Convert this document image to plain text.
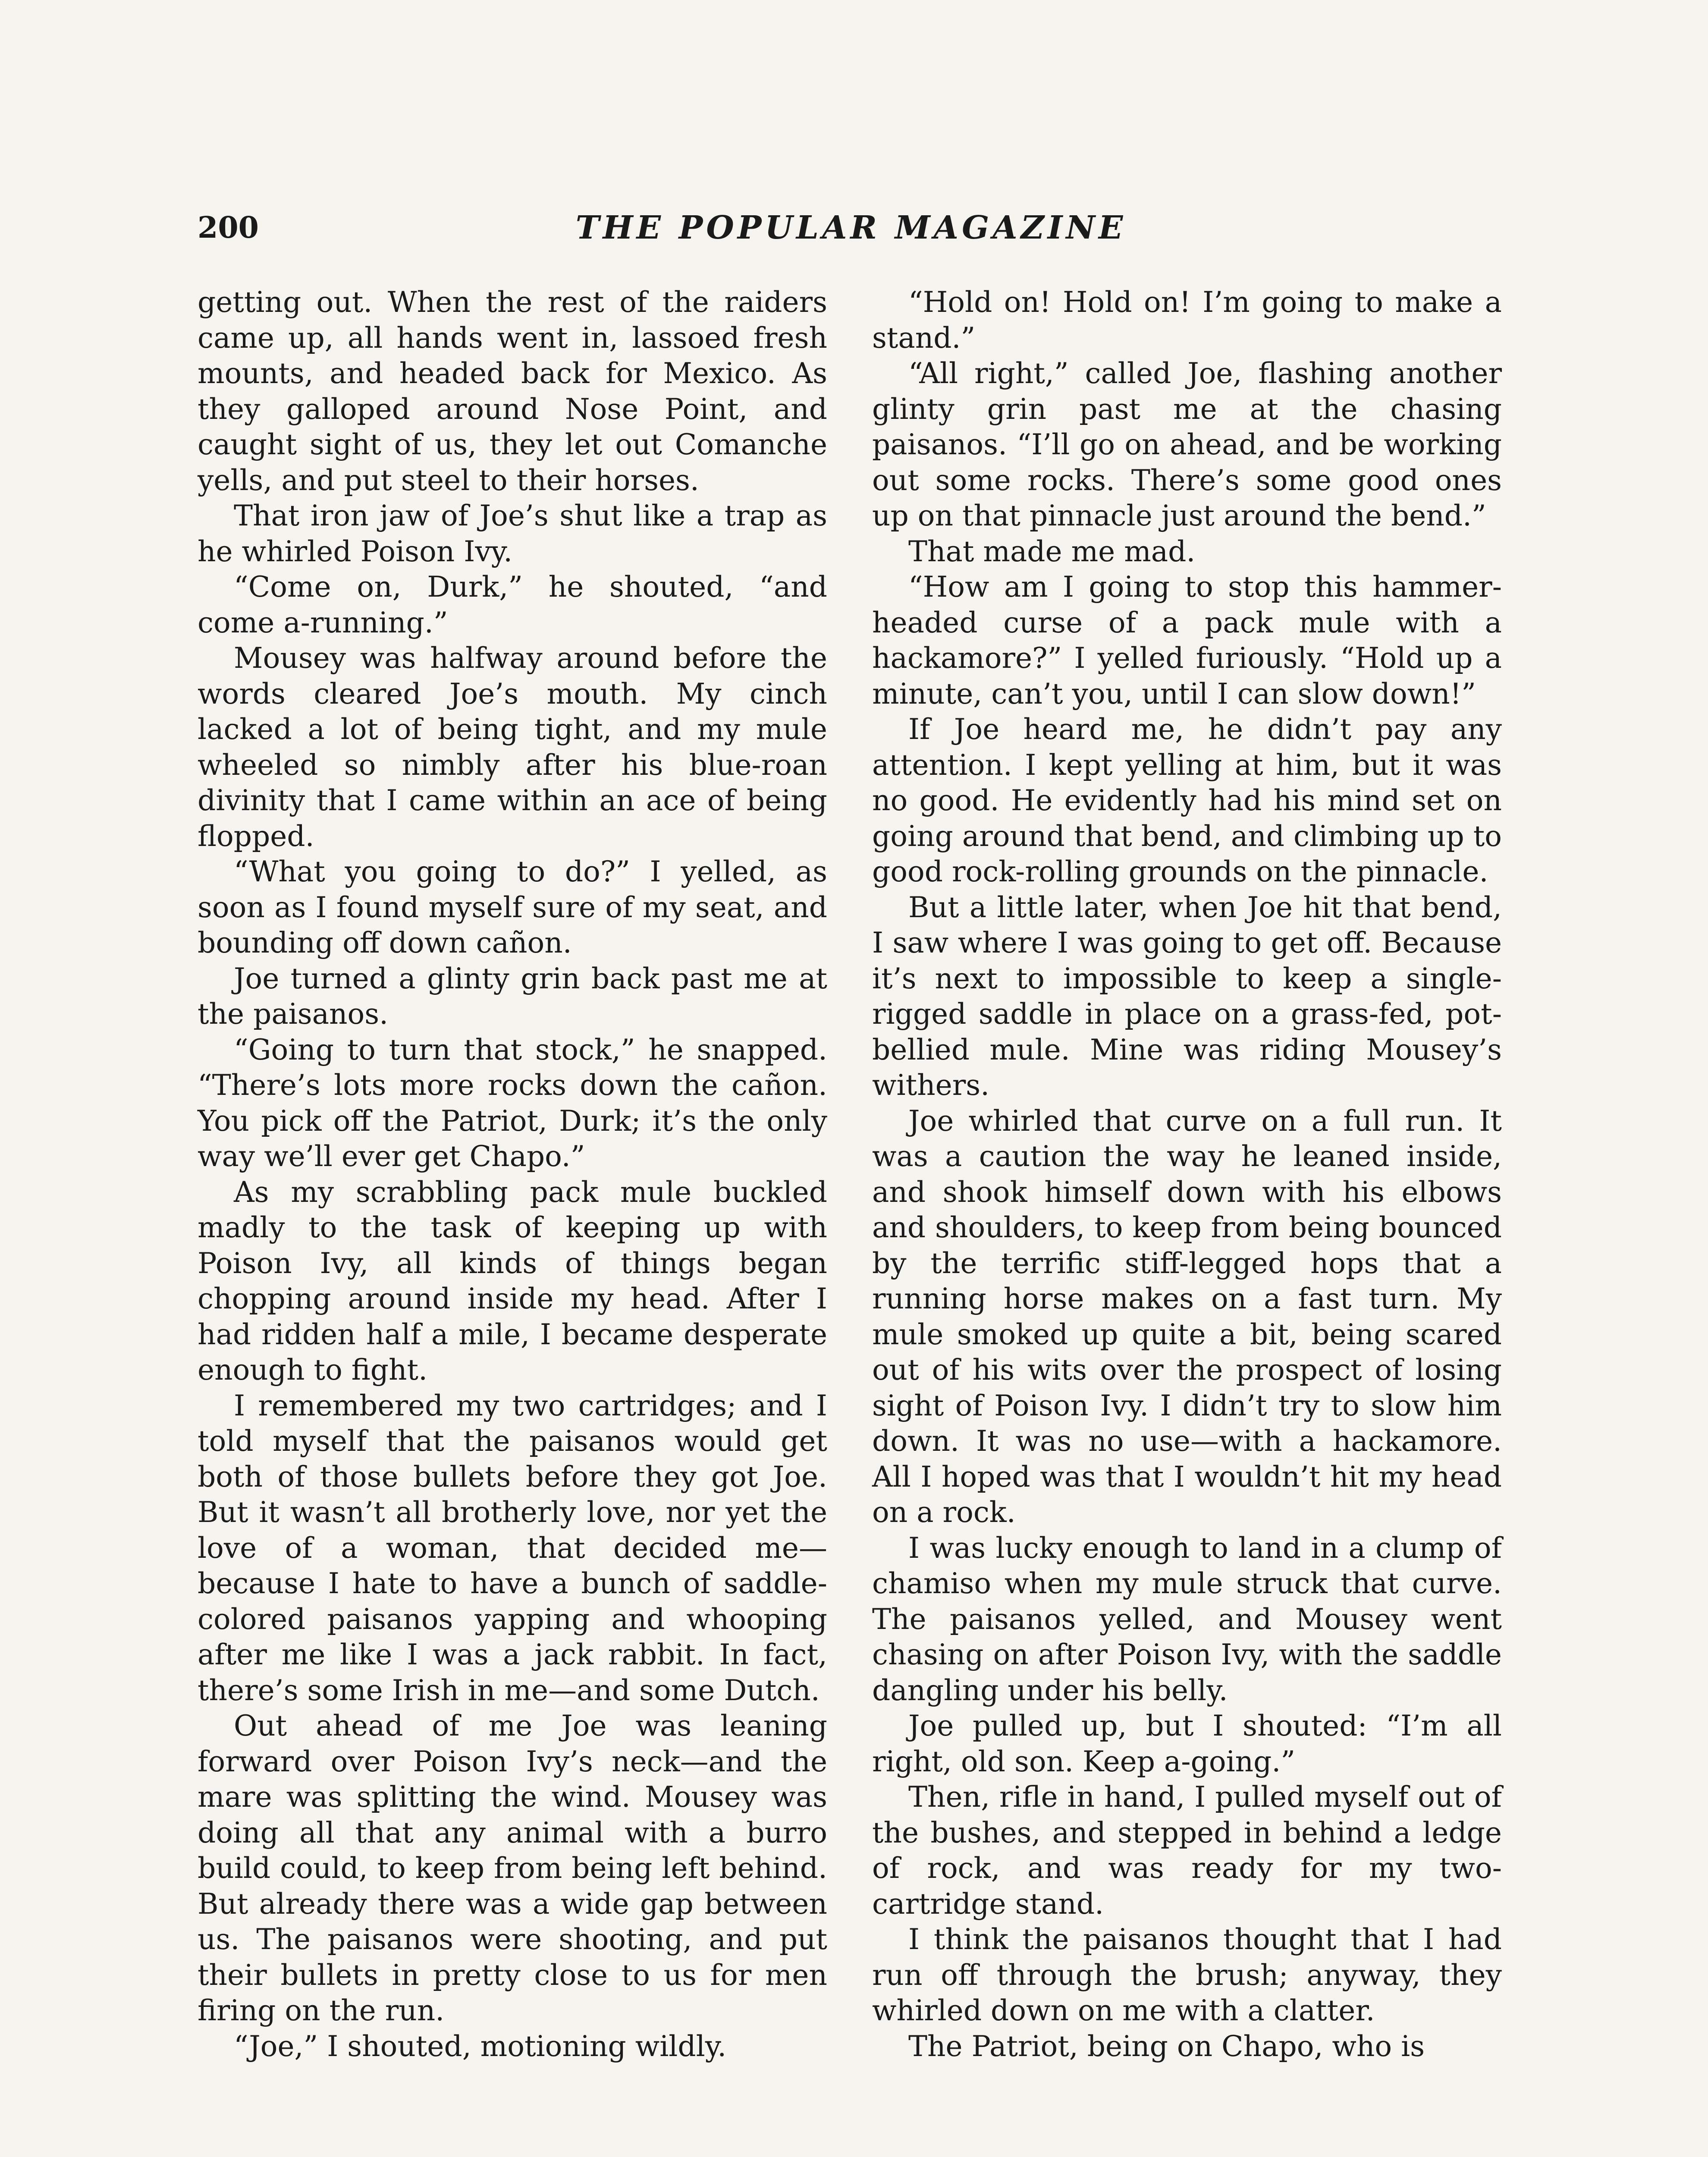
200	THE POPULAR MAGAZINE

getting out. When the rest of the raiders came up, all hands went in, lassoed fresh mounts, and headed back for Mexico. As they galloped around Nose Point, and caught sight of us, they let out Comanche yells, and put steel to their horses.

That iron jaw of Joe’s shut like a trap as he whirled Poison Ivy.

“Come on, Durk,” he shouted, “and come a-running.”

Mousey was halfway around before the words cleared Joe’s mouth. My cinch lacked a lot of being tight, and my mule wheeled so nimbly after his blue-roan divinity that I came within an ace of being flopped.

“What you going to do?” I yelled, as soon as I found myself sure of my seat, and bounding off down cañon.

Joe turned a glinty grin back past me at the paisanos.

“Going to turn that stock,” he snapped. “There’s lots more rocks down the cañon. You pick off the Patriot, Durk; it’s the only way we’ll ever get Chapo.”

As my scrabbling pack mule buckled madly to the task of keeping up with Poison Ivy, all kinds of things began chopping around inside my head. After I had ridden half a mile, I became desperate enough to fight.

I remembered my two cartridges; and I told myself that the paisanos would get both of those bullets before they got Joe. But it wasn’t all brotherly love, nor yet the love of a woman, that decided me—because I hate to have a bunch of saddle-colored paisanos yapping and whooping after me like I was a jack rabbit. In fact, there’s some Irish in me—and some Dutch.

Out ahead of me Joe was leaning forward over Poison Ivy’s neck—and the mare was splitting the wind. Mousey was doing all that any animal with a burro build could, to keep from being left behind. But already there was a wide gap between us. The paisanos were shooting, and put their bullets in pretty close to us for men firing on the run.

“Joe,” I shouted, motioning wildly.

“Hold on! Hold on! I’m going to make a stand.”

“All right,” called Joe, flashing another glinty grin past me at the chasing paisanos. “I’ll go on ahead, and be working out some rocks. There’s some good ones up on that pinnacle just around the bend.”

That made me mad.

“How am I going to stop this hammer-headed curse of a pack mule with a hackamore?” I yelled furiously. “Hold up a minute, can’t you, until I can slow down!”

If Joe heard me, he didn’t pay any attention. I kept yelling at him, but it was no good. He evidently had his mind set on going around that bend, and climbing up to good rock-rolling grounds on the pinnacle.

But a little later, when Joe hit that bend, I saw where I was going to get off. Because it’s next to impossible to keep a single-rigged saddle in place on a grass-fed, pot-bellied mule. Mine was riding Mousey’s withers.

Joe whirled that curve on a full run. It was a caution the way he leaned inside, and shook himself down with his elbows and shoulders, to keep from being bounced by the terrific stiff-legged hops that a running horse makes on a fast turn. My mule smoked up quite a bit, being scared out of his wits over the prospect of losing sight of Poison Ivy. I didn’t try to slow him down. It was no use—with a hackamore. All I hoped was that I wouldn’t hit my head on a rock.

I was lucky enough to land in a clump of chamiso when my mule struck that curve. The paisanos yelled, and Mousey went chasing on after Poison Ivy, with the saddle dangling under his belly.

Joe pulled up, but I shouted: “I’m all right, old son. Keep a-going.”

Then, rifle in hand, I pulled myself out of the bushes, and stepped in behind a ledge of rock, and was ready for my two-cartridge stand.

I think the paisanos thought that I had run off through the brush; anyway, they whirled down on me with a clatter.

The Patriot, being on Chapo, who is
